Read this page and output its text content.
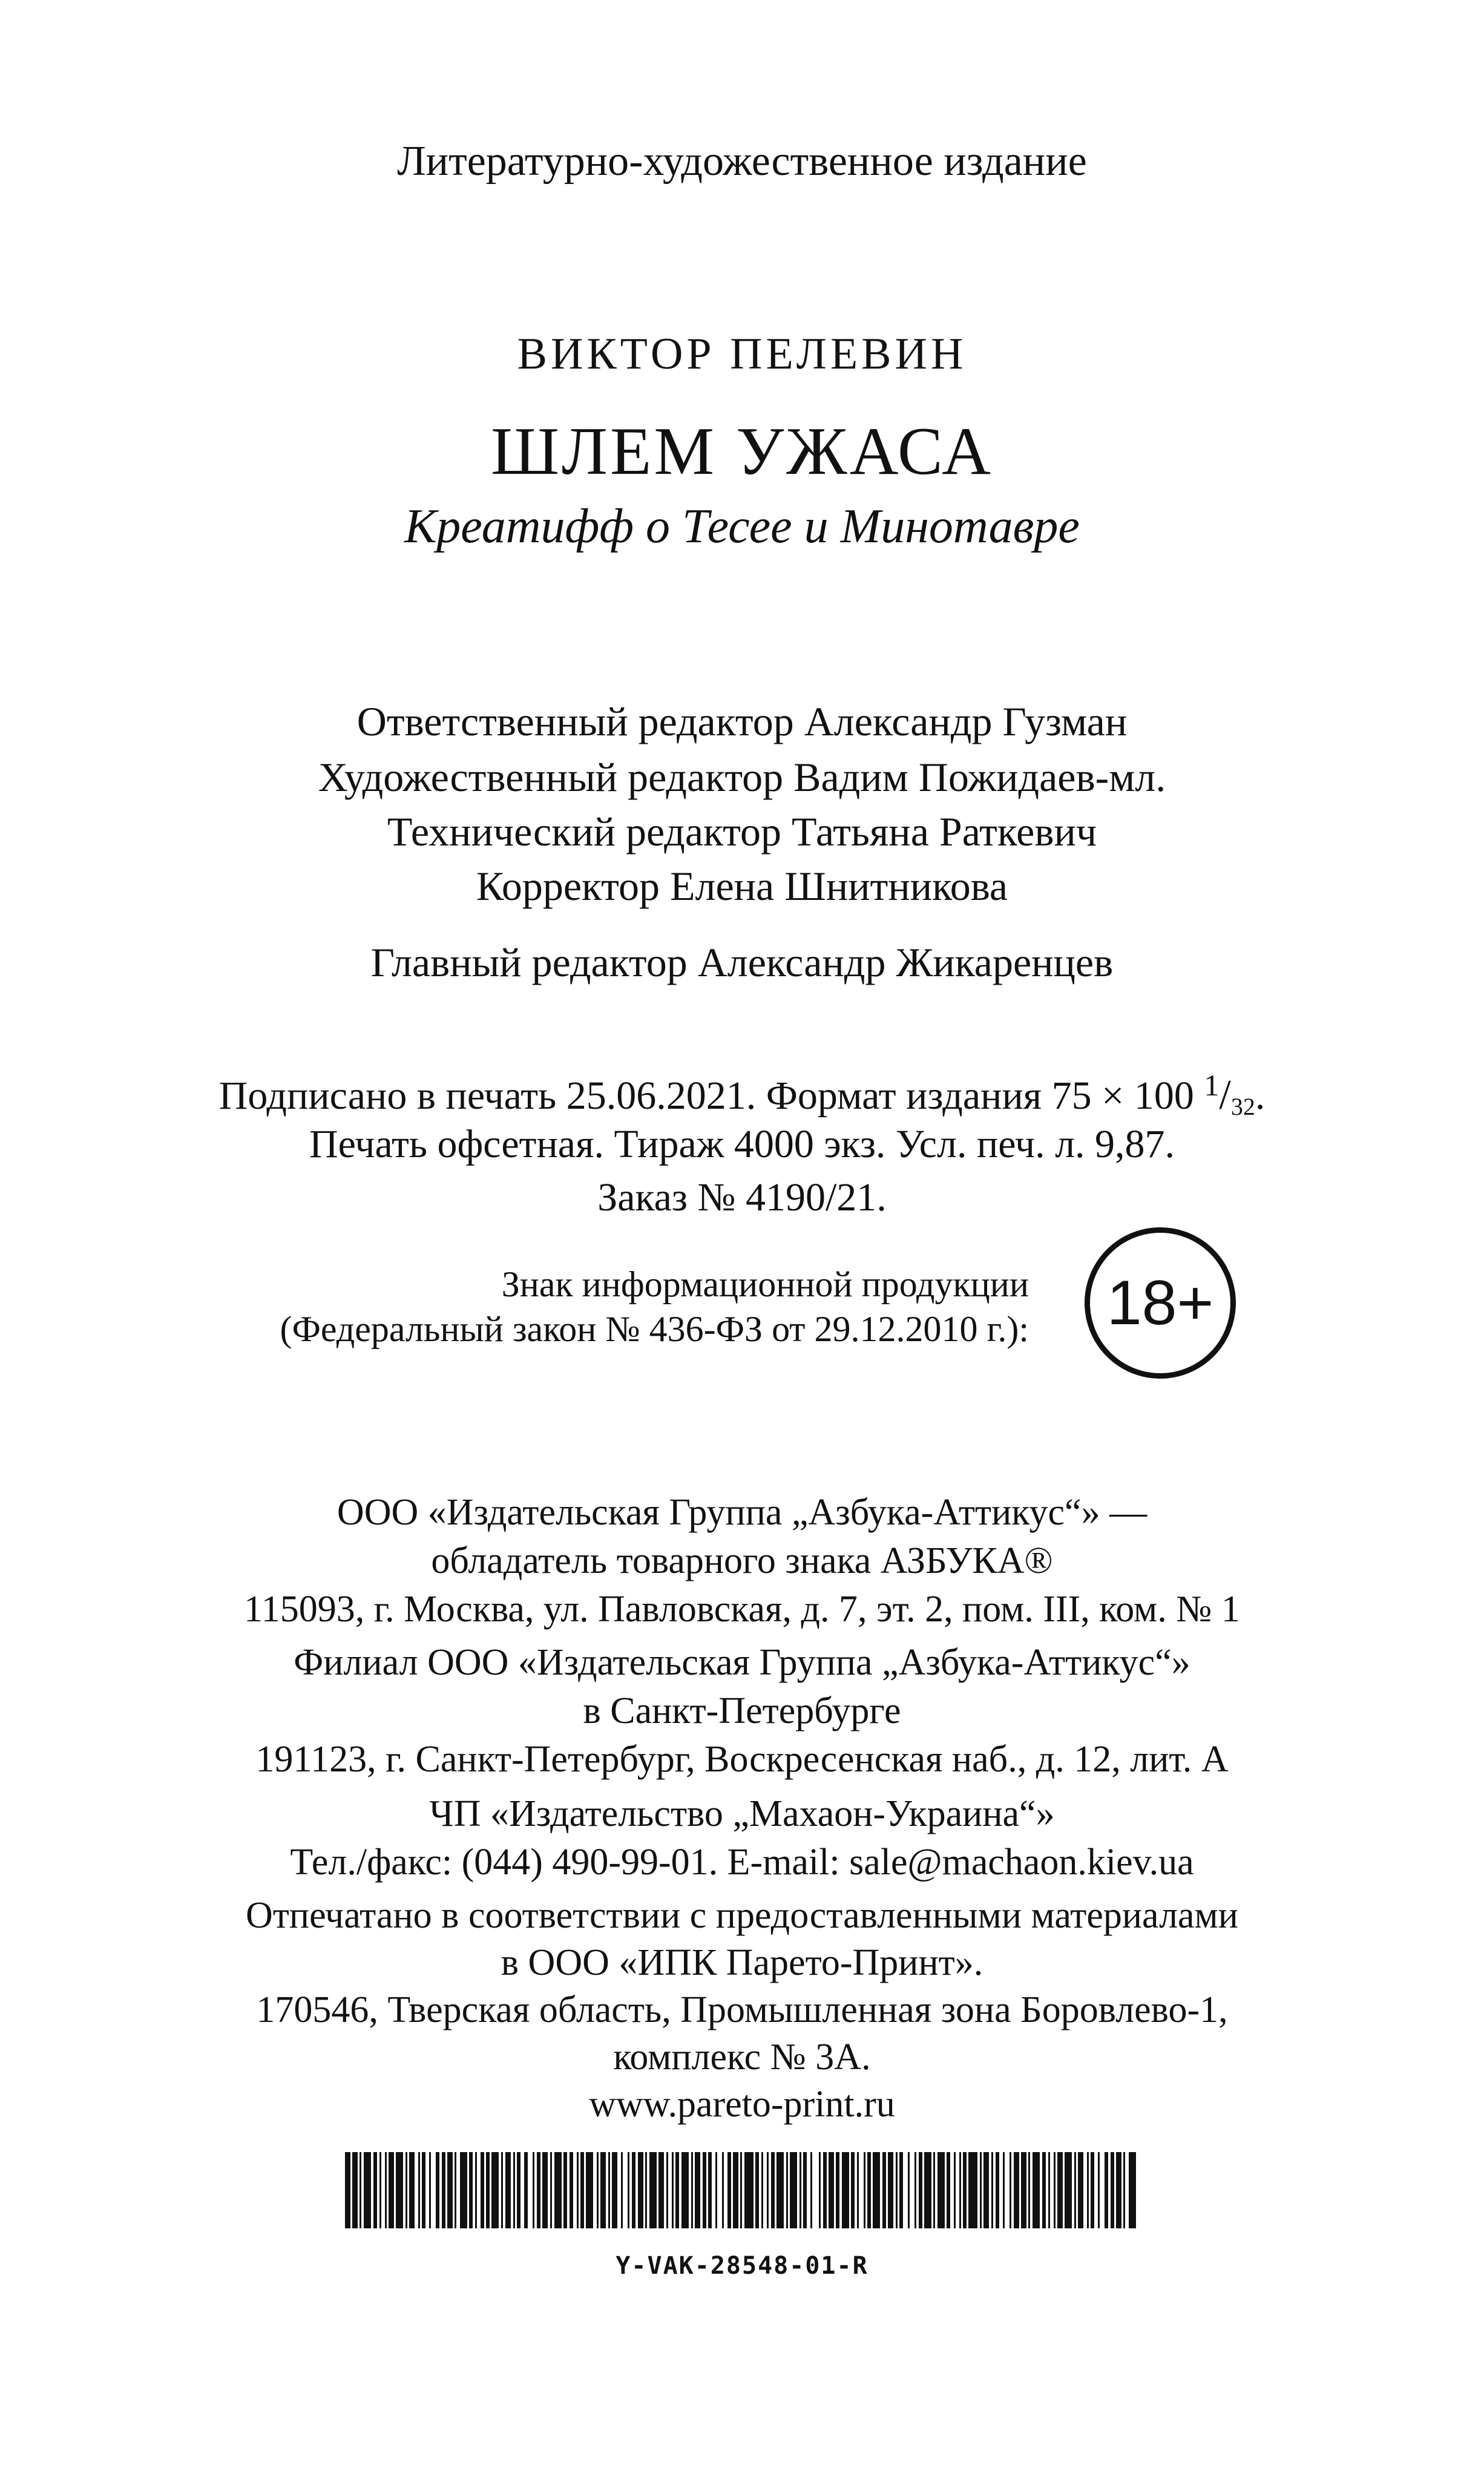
Литературно-художественное издание
ВИКТОР ПЕЛЕВИН
ШЛЕМ УЖАСА
Креатифф о Тесее и Минотавре
Ответственный редактор Александр Гузман
Художественный редактор Вадим Пожидаев-мл.
Технический редактор Татьяна Раткевич
Корректор Елена Шнитникова
Главный редактор Александр Жикаренцев
Подписано в печать 25.06.2021. Формат издания 75 × 100 $^1$/32.
Печать офсетная. Тираж 4000 экз. Усл. печ. л. 9,87.
Заказ № 4190/21.
Знак информационной продукции
(Федеральный закон № 436-ФЗ от 29.12.2010 г.):	18+
ООО «Издательская Группа „Азбука-Аттикус“» —
обладатель товарного знака АЗБУКА®
115093, г. Москва, ул. Павловская, д. 7, эт. 2, пом. III, ком. № 1
Филиал ООО «Издательская Группа „Азбука-Аттикус“»
в Санкт-Петербурге
191123, г. Санкт-Петербург, Воскресенская наб., д. 12, лит. А
ЧП «Издательство „Махаон-Украина“»
Тел./факс: (044) 490-99-01. E-mail: sale@machaon.kiev.ua
Отпечатано в соответствии с предоставленными материалами
в ООО «ИПК Парето-Принт».
170546, Тверская область, Промышленная зона Боровлево-1,
комплекс № 3А.
www.pareto-print.ru
Y-VAK-28548-01-R
